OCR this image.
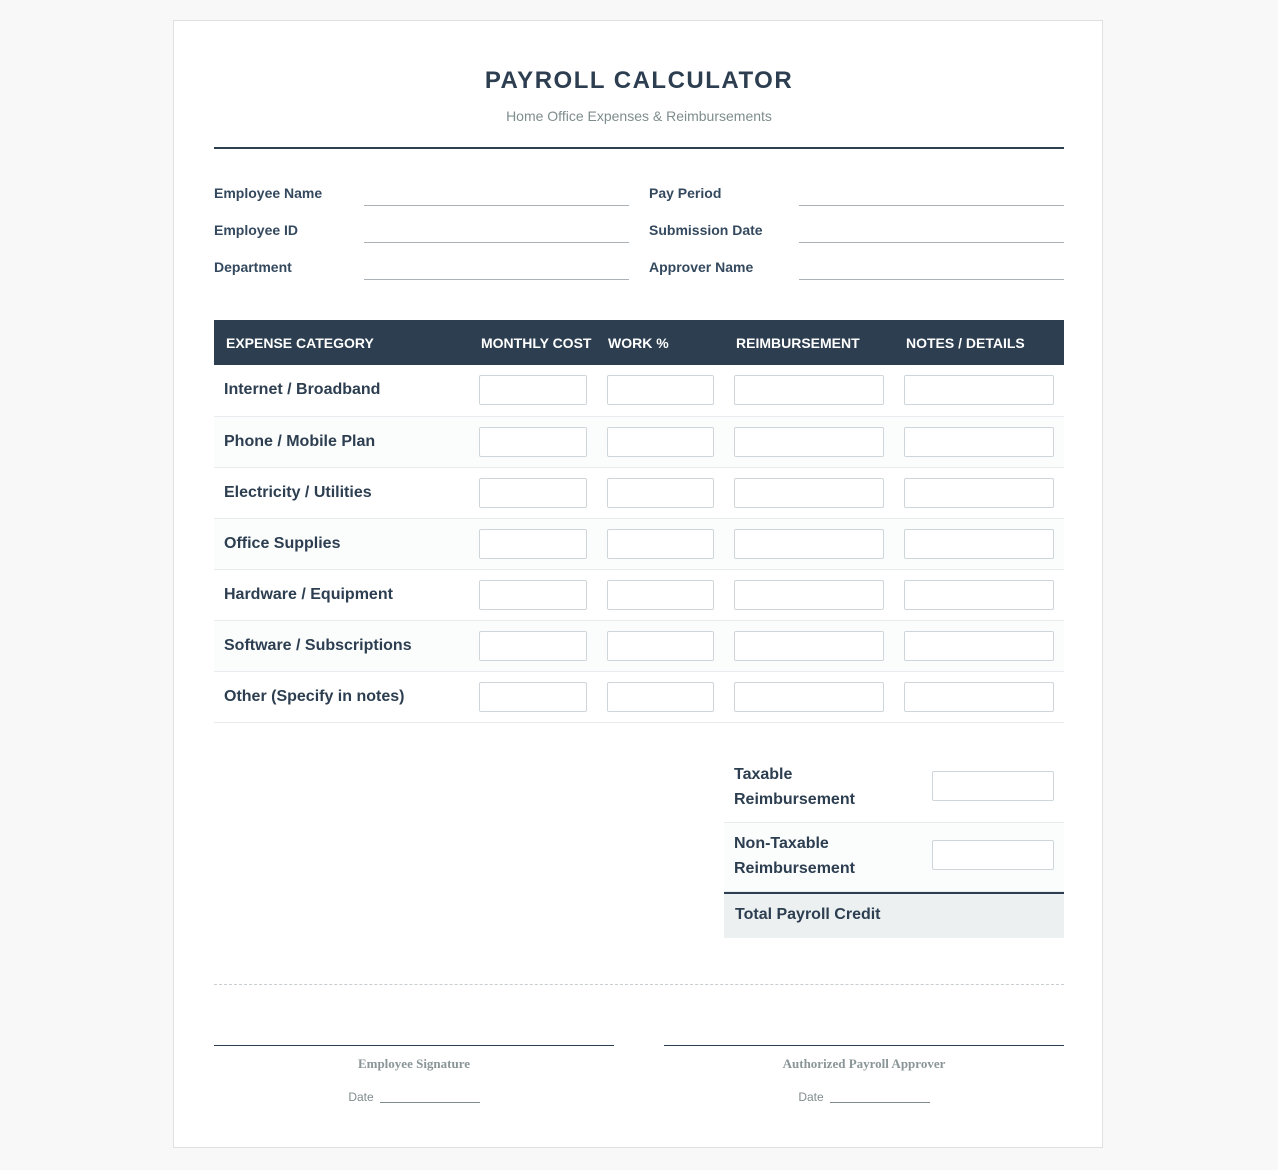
PAYROLL CALCULATOR
Home Office Expenses & Reimbursements
Employee Name	Pay Period
Employee ID	Submission Date
Department	Approver Name
EXPENSE CATEGORY	MONTHLY COST	WORK %	REIMBURSEMENT	NOTES / DETAILS
Internet / Broadband	

Phone / Mobile Plan	

Electricity / Utilities	

Office Supplies	

Hardware / Equipment	

Software / Subscriptions	

Other (Specify in notes)	

Taxable Reimbursement
Non-Taxable Reimbursement
Total Payroll Credit
Employee Signature
Date
Authorized Payroll Approver
Date
